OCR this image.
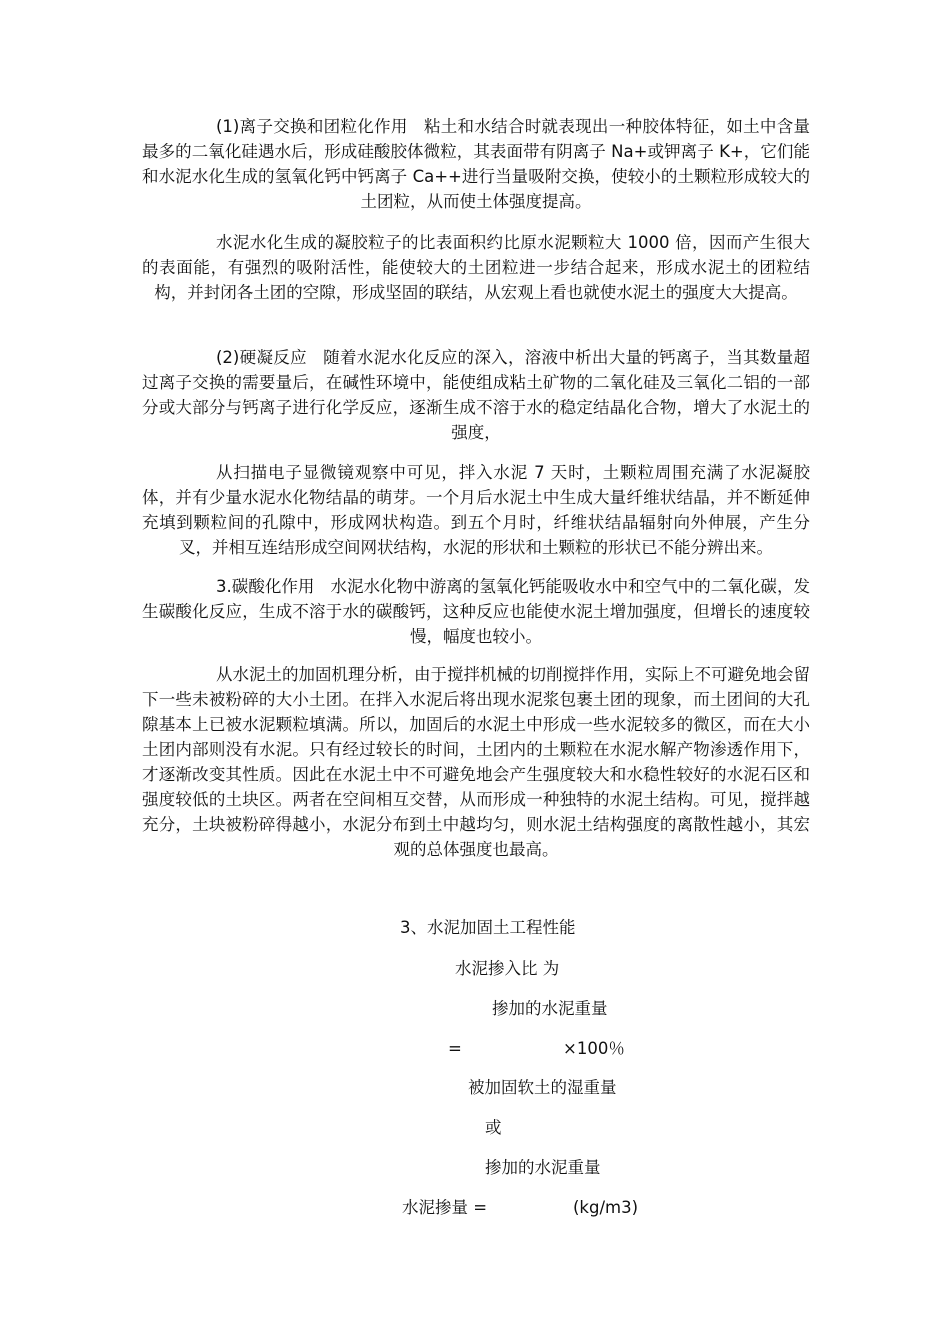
(1)离子交换和团粒化作用 粘土和水结合时就表现出一种胶体特征，如土中含量最多的二氧化硅遇水后，形成硅酸胶体微粒，其表面带有阴离子 Na+或钾离子 K+，它们能和水泥水化生成的氢氧化钙中钙离子 Ca++进行当量吸附交换，使较小的土颗粒形成较大的土团粒，从而使土体强度提高。

水泥水化生成的凝胶粒子的比表面积约比原水泥颗粒大 1000 倍，因而产生很大的表面能，有强烈的吸附活性，能使较大的土团粒进一步结合起来，形成水泥土的团粒结构，并封闭各土团的空隙，形成坚固的联结，从宏观上看也就使水泥土的强度大大提高。

(2)硬凝反应 随着水泥水化反应的深入，溶液中析出大量的钙离子，当其数量超过离子交换的需要量后，在碱性环境中，能使组成粘土矿物的二氧化硅及三氧化二铝的一部分或大部分与钙离子进行化学反应，逐渐生成不溶于水的稳定结晶化合物，增大了水泥土的强度，

从扫描电子显微镜观察中可见，拌入水泥 7 天时，土颗粒周围充满了水泥凝胶体，并有少量水泥水化物结晶的萌芽。一个月后水泥土中生成大量纤维状结晶，并不断延伸充填到颗粒间的孔隙中，形成网状构造。到五个月时，纤维状结晶辐射向外伸展，产生分叉，并相互连结形成空间网状结构，水泥的形状和土颗粒的形状已不能分辨出来。

3.碳酸化作用 水泥水化物中游离的氢氧化钙能吸收水中和空气中的二氧化碳，发生碳酸化反应，生成不溶于水的碳酸钙，这种反应也能使水泥土增加强度，但增长的速度较慢，幅度也较小。

从水泥土的加固机理分析，由于搅拌机械的切削搅拌作用，实际上不可避免地会留下一些未被粉碎的大小土团。在拌入水泥后将出现水泥浆包裹土团的现象，而土团间的大孔隙基本上已被水泥颗粒填满。所以，加固后的水泥土中形成一些水泥较多的微区，而在大小土团内部则没有水泥。只有经过较长的时间，土团内的土颗粒在水泥水解产物渗透作用下，才逐渐改变其性质。因此在水泥土中不可避免地会产生强度较大和水稳性较好的水泥石区和强度较低的土块区。两者在空间相互交替，从而形成一种独特的水泥土结构。可见，搅拌越充分，土块被粉碎得越小，水泥分布到土中越均匀，则水泥土结构强度的离散性越小，其宏观的总体强度也最高。

3、水泥加固土工程性能
水泥掺入比 为
掺加的水泥重量
=	×100％
被加固软土的湿重量
或
掺加的水泥重量
水泥掺量 =	(kg/m3)
